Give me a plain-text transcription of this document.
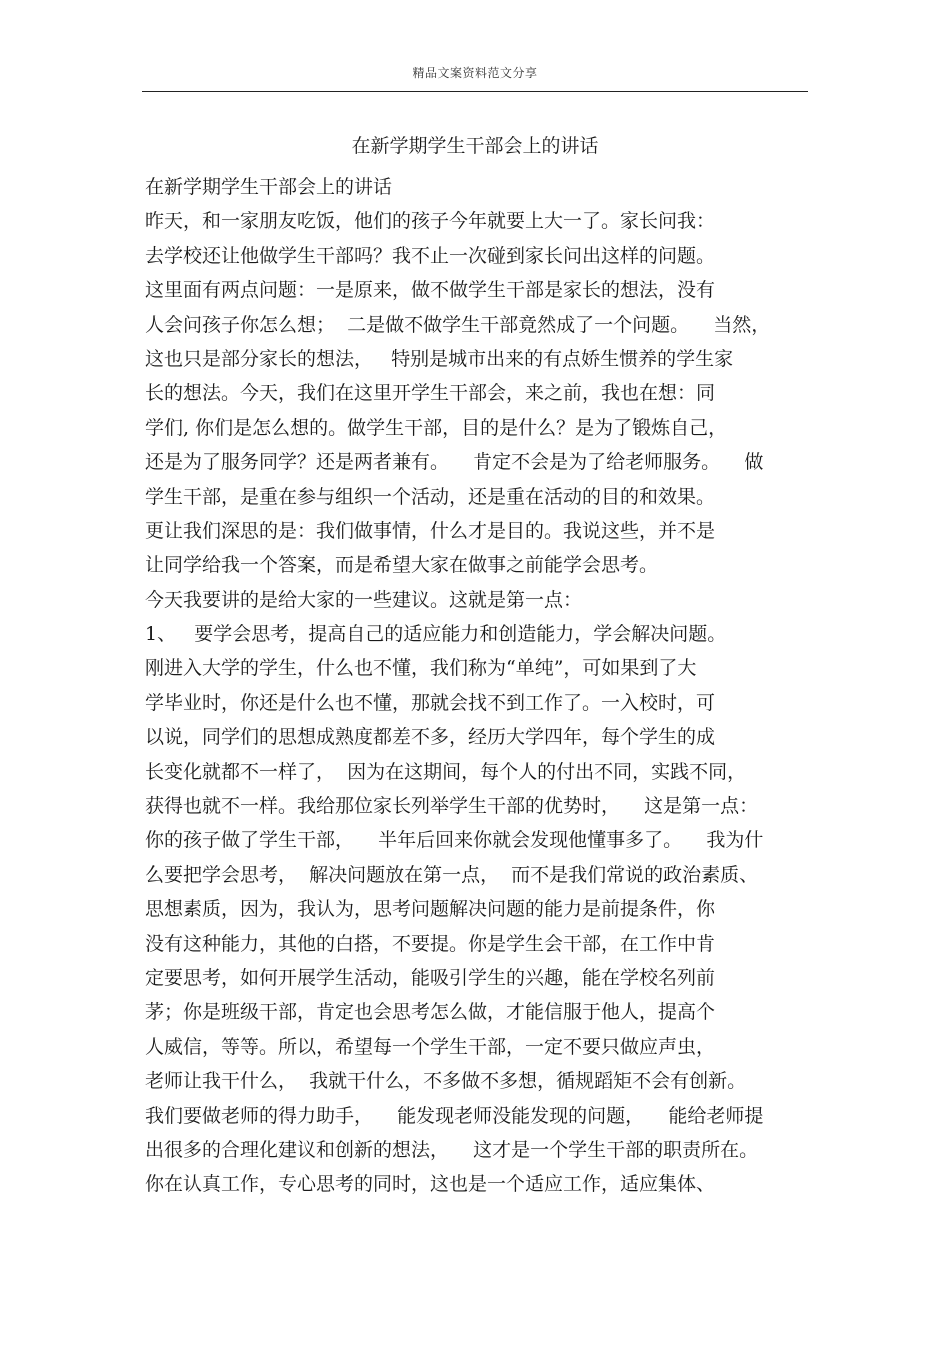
精品文案资料范文分享
在新学期学生干部会上的讲话
在新学期学生干部会上的讲话
昨天，和一家朋友吃饭，他们的孩子今年就要上大一了。家长问我：
去学校还让他做学生干部吗？我不止一次碰到家长问出这样的问题。
这里面有两点问题：一是原来，做不做学生干部是家长的想法，没有
人会问孩子你怎么想；  二是做不做学生干部竟然成了一个问题。    当然，
这也只是部分家长的想法，   特别是城市出来的有点娇生惯养的学生家
长的想法。今天，我们在这里开学生干部会，来之前，我也在想：同
学们, 你们是怎么想的。做学生干部，目的是什么？是为了锻炼自己，
还是为了服务同学？还是两者兼有。    肯定不会是为了给老师服务。    做
学生干部，是重在参与组织一个活动，还是重在活动的目的和效果。
更让我们深思的是：我们做事情，什么才是目的。我说这些，并不是
让同学给我一个答案，而是希望大家在做事之前能学会思考。
今天我要讲的是给大家的一些建议。这就是第一点：
1、   要学会思考，提高自己的适应能力和创造能力，学会解决问题。
刚进入大学的学生，什么也不懂，我们称为“单纯”，可如果到了大
学毕业时，你还是什么也不懂，那就会找不到工作了。一入校时，可
以说，同学们的思想成熟度都差不多，经历大学四年，每个学生的成
长变化就都不一样了，  因为在这期间，每个人的付出不同，实践不同，
获得也就不一样。我给那位家长列举学生干部的优势时，    这是第一点：
你的孩子做了学生干部，    半年后回来你就会发现他懂事多了。    我为什
么要把学会思考，  解决问题放在第一点，  而不是我们常说的政治素质、
思想素质，因为，我认为，思考问题解决问题的能力是前提条件，你
没有这种能力，其他的白搭，不要提。你是学生会干部，在工作中肯
定要思考，如何开展学生活动，能吸引学生的兴趣，能在学校名列前
茅；你是班级干部，肯定也会思考怎么做，才能信服于他人，提高个
人威信，等等。所以，希望每一个学生干部，一定不要只做应声虫，
老师让我干什么，  我就干什么，不多做不多想，循规蹈矩不会有创新。
我们要做老师的得力助手，    能发现老师没能发现的问题，    能给老师提
出很多的合理化建议和创新的想法，    这才是一个学生干部的职责所在。
你在认真工作，专心思考的同时，这也是一个适应工作，适应集体、
